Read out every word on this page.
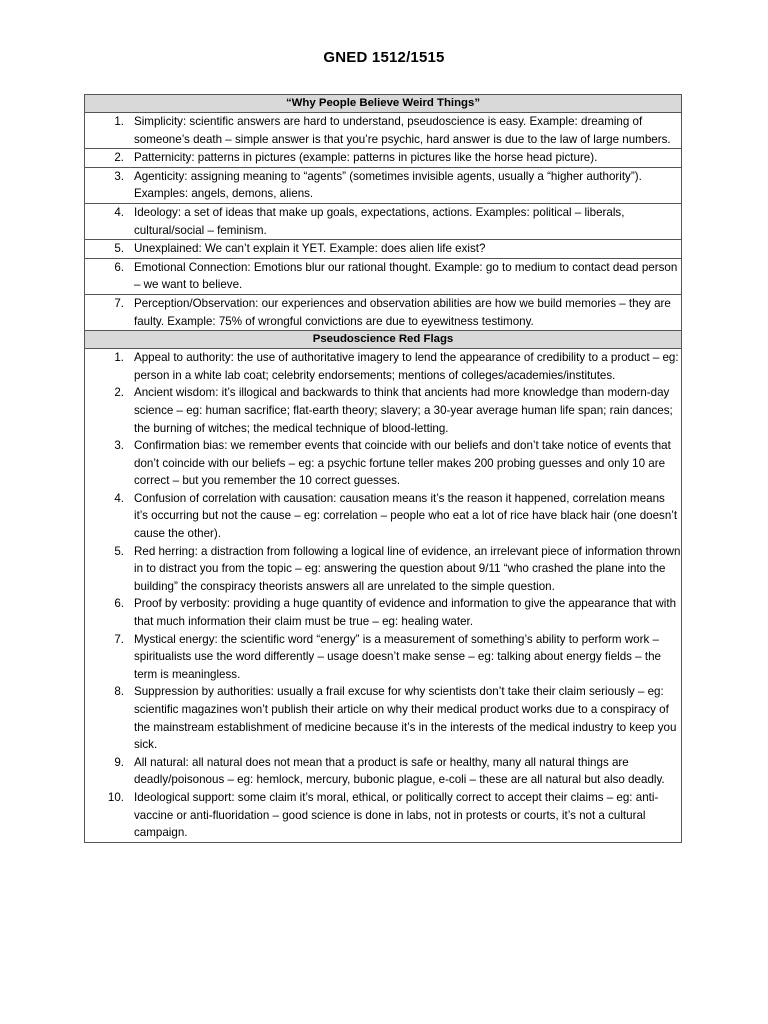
GNED 1512/1515
“Why People Believe Weird Things”

1. Simplicity: scientific answers are hard to understand, pseudoscience is easy. Example: dreaming of someone’s death – simple answer is that you’re psychic, hard answer is due to the law of large numbers.

2. Patternicity: patterns in pictures (example: patterns in pictures like the horse head picture).

3. Agenticity: assigning meaning to “agents” (sometimes invisible agents, usually a “higher authority”). Examples: angels, demons, aliens.

4. Ideology: a set of ideas that make up goals, expectations, actions. Examples: political – liberals, cultural/social – feminism.

5. Unexplained: We can’t explain it YET. Example: does alien life exist?

6. Emotional Connection: Emotions blur our rational thought. Example: go to medium to contact dead person – we want to believe.

7. Perception/Observation: our experiences and observation abilities are how we build memories – they are faulty. Example: 75% of wrongful convictions are due to eyewitness testimony.

Pseudoscience Red Flags

1. Appeal to authority: the use of authoritative imagery to lend the appearance of credibility to a product – eg: person in a white lab coat; celebrity endorsements; mentions of colleges/academies/institutes.
2. Ancient wisdom: it’s illogical and backwards to think that ancients had more knowledge than modern-day science – eg: human sacrifice; flat-earth theory; slavery; a 30-year average human life span; rain dances; the burning of witches; the medical technique of blood-letting.
3. Confirmation bias: we remember events that coincide with our beliefs and don’t take notice of events that don’t coincide with our beliefs – eg: a psychic fortune teller makes 200 probing guesses and only 10 are correct – but you remember the 10 correct guesses.
4. Confusion of correlation with causation: causation means it’s the reason it happened, correlation means it’s occurring but not the cause – eg: correlation – people who eat a lot of rice have black hair (one doesn’t cause the other).
5. Red herring: a distraction from following a logical line of evidence, an irrelevant piece of information thrown in to distract you from the topic – eg: answering the question about 9/11 “who crashed the plane into the building” the conspiracy theorists answers all are unrelated to the simple question.
6. Proof by verbosity: providing a huge quantity of evidence and information to give the appearance that with that much information their claim must be true – eg: healing water.
7. Mystical energy: the scientific word “energy” is a measurement of something’s ability to perform work – spiritualists use the word differently – usage doesn’t make sense – eg: talking about energy fields – the term is meaningless.
8. Suppression by authorities: usually a frail excuse for why scientists don’t take their claim seriously – eg: scientific magazines won’t publish their article on why their medical product works due to a conspiracy of the mainstream establishment of medicine because it’s in the interests of the medical industry to keep you sick.
9. All natural: all natural does not mean that a product is safe or healthy, many all natural things are deadly/poisonous – eg: hemlock, mercury, bubonic plague, e-coli – these are all natural but also deadly.
10. Ideological support: some claim it’s moral, ethical, or politically correct to accept their claims – eg: anti-vaccine or anti-fluoridation – good science is done in labs, not in protests or courts, it’s not a cultural campaign.
